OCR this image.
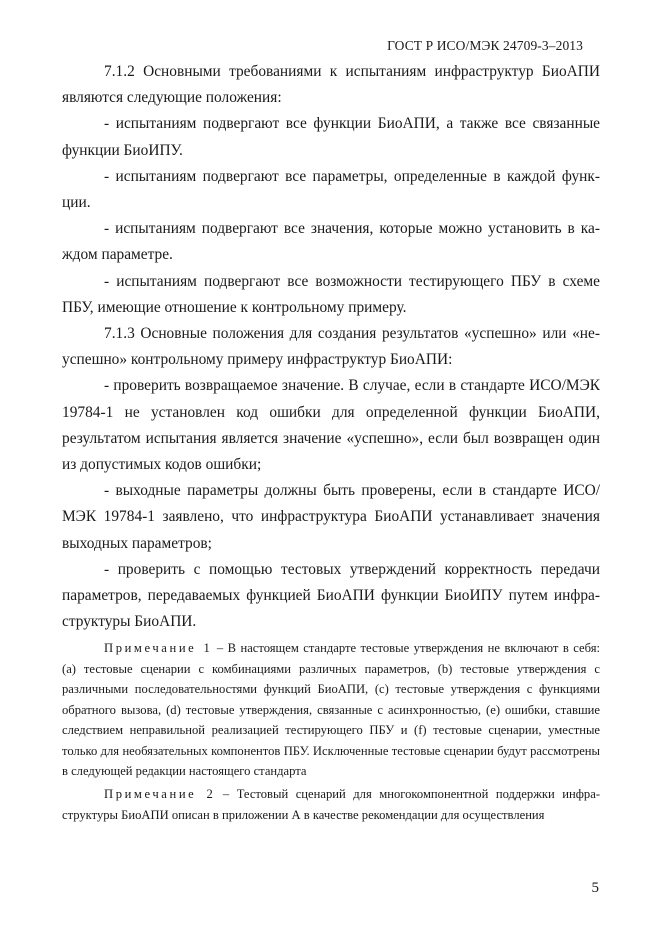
ГОСТ Р ИСО/МЭК 24709-3–2013

7.1.2 Основными требованиями к испытаниям инфраструктур БиоАПИ являются следующие положения:

- испытаниям подвергают все функции БиоАПИ, а также все связанные функции БиоИПУ.

- испытаниям подвергают все параметры, определенные в каждой функции.

- испытаниям подвергают все значения, которые можно установить в каждом параметре.

- испытаниям подвергают все возможности тестирующего ПБУ в схеме ПБУ, имеющие отношение к контрольному примеру.

7.1.3 Основные положения для создания результатов «успешно» или «неуспешно» контрольному примеру инфраструктур БиоАПИ:

- проверить возвращаемое значение. В случае, если в стандарте ИСО/МЭК 19784-1 не установлен код ошибки для определенной функции БиоАПИ, результатом испытания является значение «успешно», если был возвращен один из допустимых кодов ошибки;

- выходные параметры должны быть проверены, если в стандарте ИСО/МЭК 19784-1 заявлено, что инфраструктура БиоАПИ устанавливает значения выходных параметров;

- проверить с помощью тестовых утверждений корректность передачи параметров, передаваемых функцией БиоАПИ функции БиоИПУ путем инфраструктуры БиоАПИ.

Примечание 1 – В настоящем стандарте тестовые утверждения не включают в себя: (a) тестовые сценарии с комбинациями различных параметров, (b) тестовые утверждения с различными последовательностями функций БиоАПИ, (c) тестовые утверждения с функциями обратного вызова, (d) тестовые утверждения, связанные с асинхронностью, (e) ошибки, ставшие следствием неправильной реализацией тестирующего ПБУ и (f) тестовые сценарии, уместные только для необязательных компонентов ПБУ. Исключенные тестовые сценарии будут рассмотрены в следующей редакции настоящего стандарта

Примечание 2 – Тестовый сценарий для многокомпонентной поддержки инфраструктуры БиоАПИ описан в приложении А в качестве рекомендации для осуществления

5
